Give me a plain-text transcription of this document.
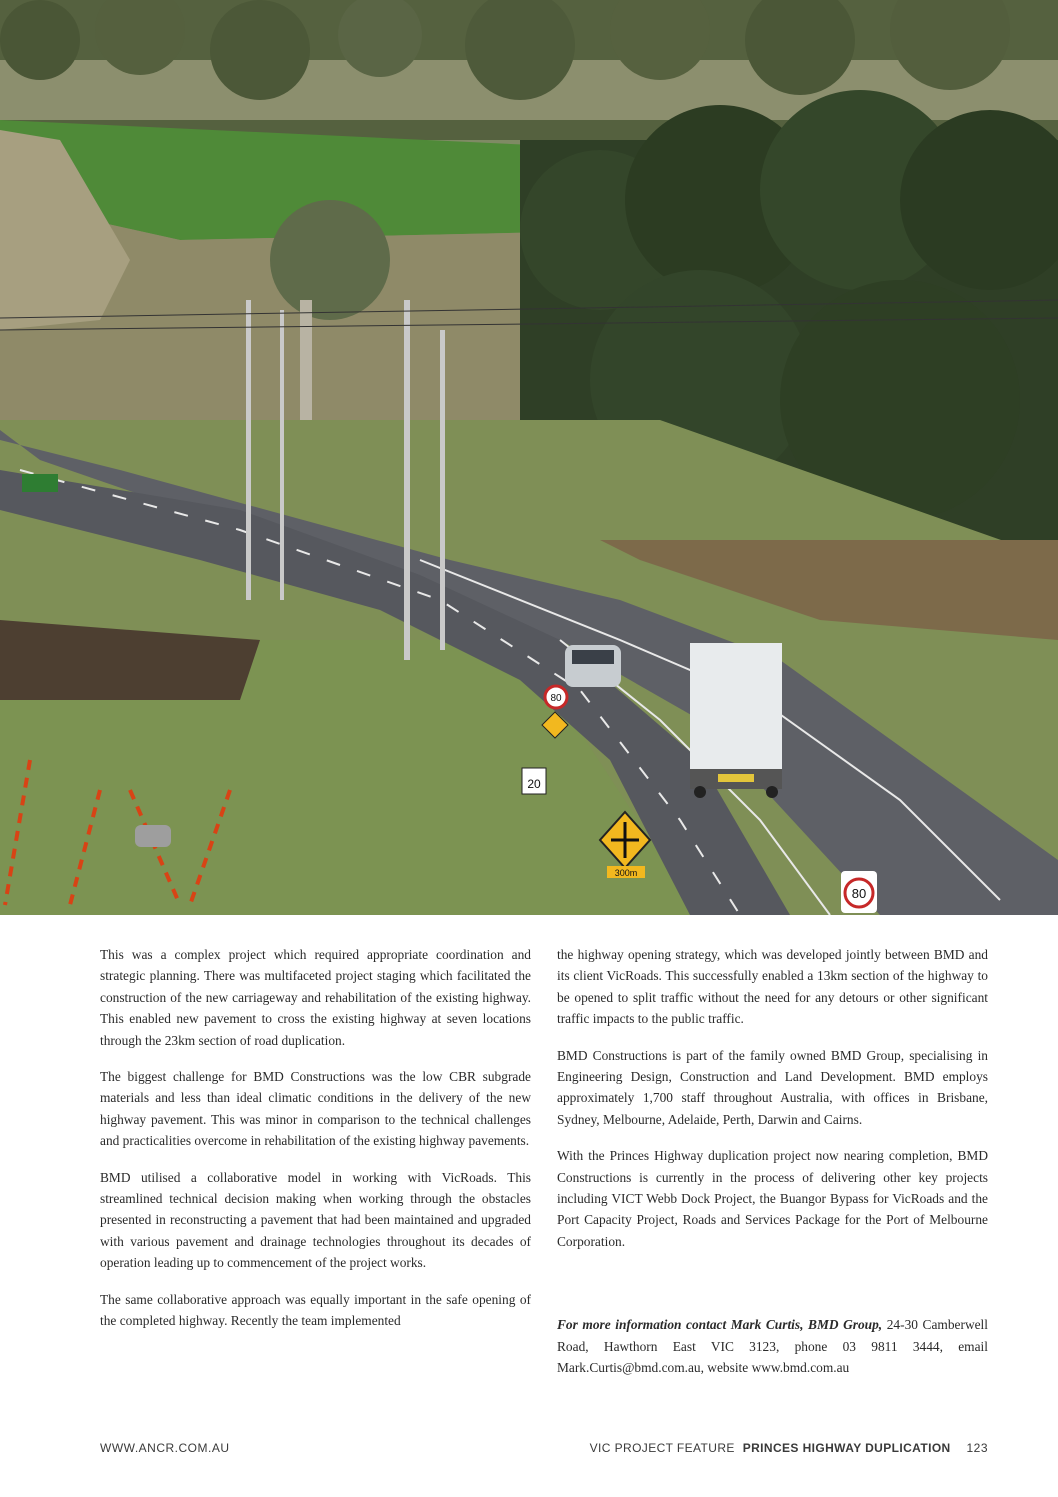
80
20
300m
80

This was a complex project which required appropriate coordination and strategic planning. There was multifaceted project staging which facilitated the construction of the new carriageway and rehabilitation of the existing highway. This enabled new pavement to cross the existing highway at seven locations through the 23km section of road duplication.

The biggest challenge for BMD Constructions was the low CBR subgrade materials and less than ideal climatic conditions in the delivery of the new highway pavement. This was minor in comparison to the technical challenges and practicalities overcome in rehabilitation of the existing highway pavements.

BMD utilised a collaborative model in working with VicRoads. This streamlined technical decision making when working through the obstacles presented in reconstructing a pavement that had been maintained and upgraded with various pavement and drainage technologies throughout its decades of operation leading up to commencement of the project works.

The same collaborative approach was equally important in the safe opening of the completed highway. Recently the team implemented

the highway opening strategy, which was developed jointly between BMD and its client VicRoads. This successfully enabled a 13km section of the highway to be opened to split traffic without the need for any detours or other significant traffic impacts to the public traffic.

BMD Constructions is part of the family owned BMD Group, specialising in Engineering Design, Construction and Land Development. BMD employs approximately 1,700 staff throughout Australia, with offices in Brisbane, Sydney, Melbourne, Adelaide, Perth, Darwin and Cairns.

With the Princes Highway duplication project now nearing completion, BMD Constructions is currently in the process of delivering other key projects including VICT Webb Dock Project, the Buangor Bypass for VicRoads and the Port Capacity Project, Roads and Services Package for the Port of Melbourne Corporation.

For more information contact Mark Curtis, BMD Group, 24-30 Camberwell Road, Hawthorn East VIC 3123, phone 03 9811 3444, email Mark.Curtis@bmd.com.au, website www.bmd.com.au

WWW.ANCR.COM.AU	VIC PROJECT FEATURE PRINCES HIGHWAY DUPLICATION 123
